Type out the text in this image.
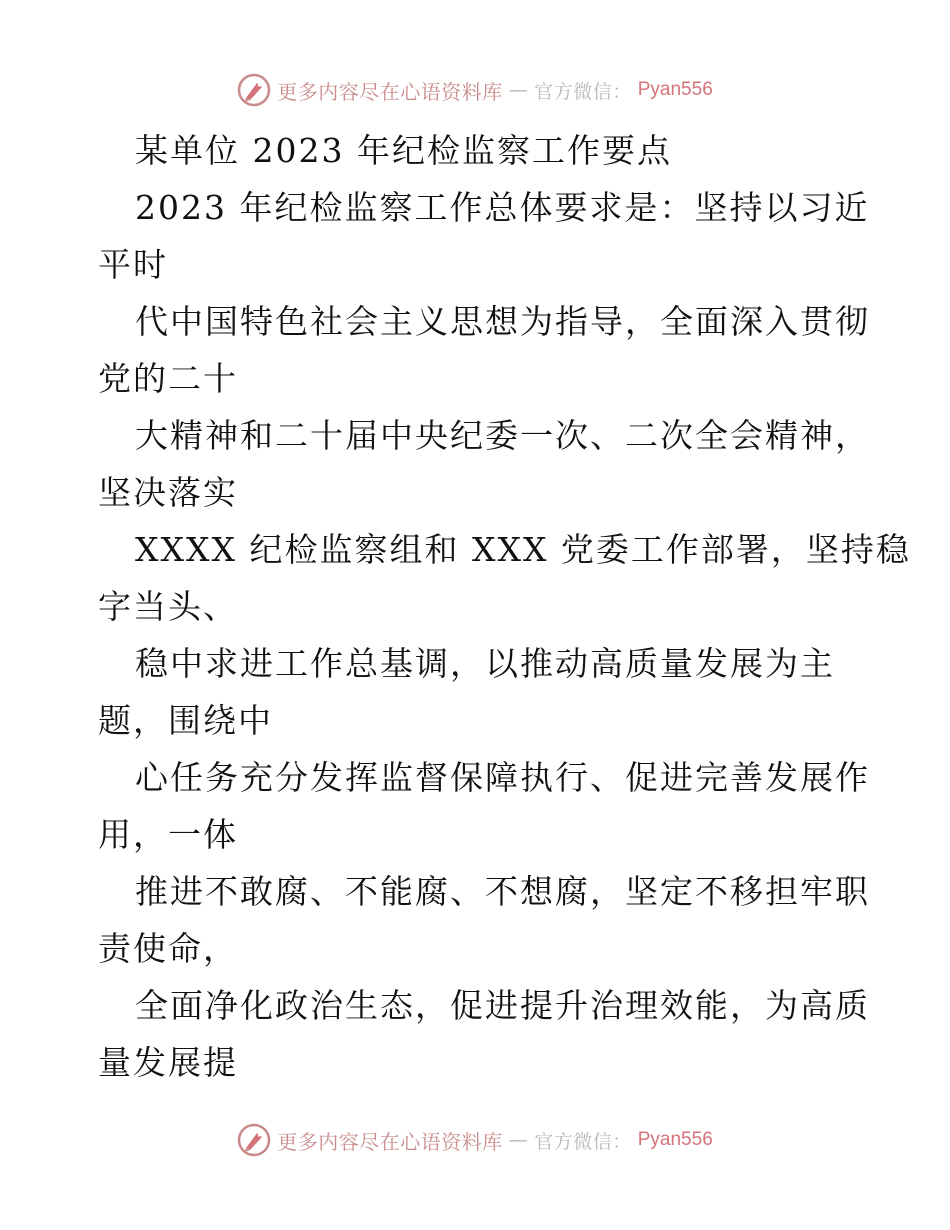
更多内容尽在心语资料库 — 官方微信： Pyan556
某单位 2023 年纪检监察工作要点
2023 年纪检监察工作总体要求是：坚持以习近
平时
代中国特色社会主义思想为指导，全面深入贯彻
党的二十
大精神和二十届中央纪委一次、二次全会精神，
坚决落实
XXXX 纪检监察组和 XXX 党委工作部署，坚持稳
字当头、
稳中求进工作总基调，以推动高质量发展为主
题，围绕中
心任务充分发挥监督保障执行、促进完善发展作
用，一体
推进不敢腐、不能腐、不想腐，坚定不移担牢职
责使命，
全面净化政治生态，促进提升治理效能，为高质
量发展提
更多内容尽在心语资料库 — 官方微信： Pyan556
